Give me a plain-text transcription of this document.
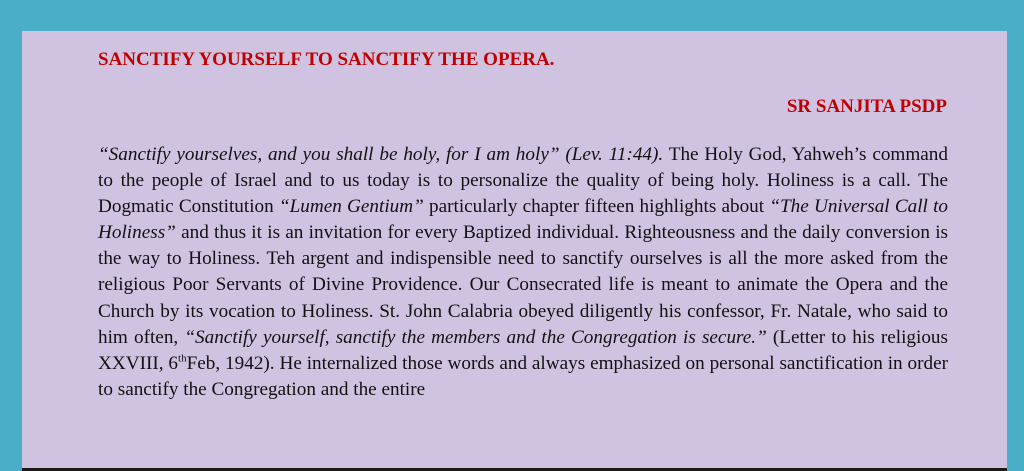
SANCTIFY YOURSELF TO SANCTIFY THE OPERA.
SR SANJITA PSDP

“Sanctify yourselves, and you shall be holy, for I am holy” (Lev. 11:44). The Holy God, Yahweh’s command to the people of Israel and to us today is to personalize the quality of being holy. Holiness is a call. The Dogmatic Constitution “Lumen Gentium” particularly chapter fifteen highlights about “The Universal Call to Holiness” and thus it is an invitation for every Baptized individual. Righteousness and the daily conversion is the way to Holiness. Teh argent and indispensible need to sanctify ourselves is all the more asked from the religious Poor Servants of Divine Providence. Our Consecrated life is meant to animate the Opera and the Church by its vocation to Holiness. St. John Calabria obeyed diligently his confessor, Fr. Natale, who said to him often, “Sanctify yourself, sanctify the members and the Congregation is secure.” (Letter to his religious XXVIII, 6thFeb, 1942). He internalized those words and always emphasized on personal sanctification in order to sanctify the Congregation and the entire
